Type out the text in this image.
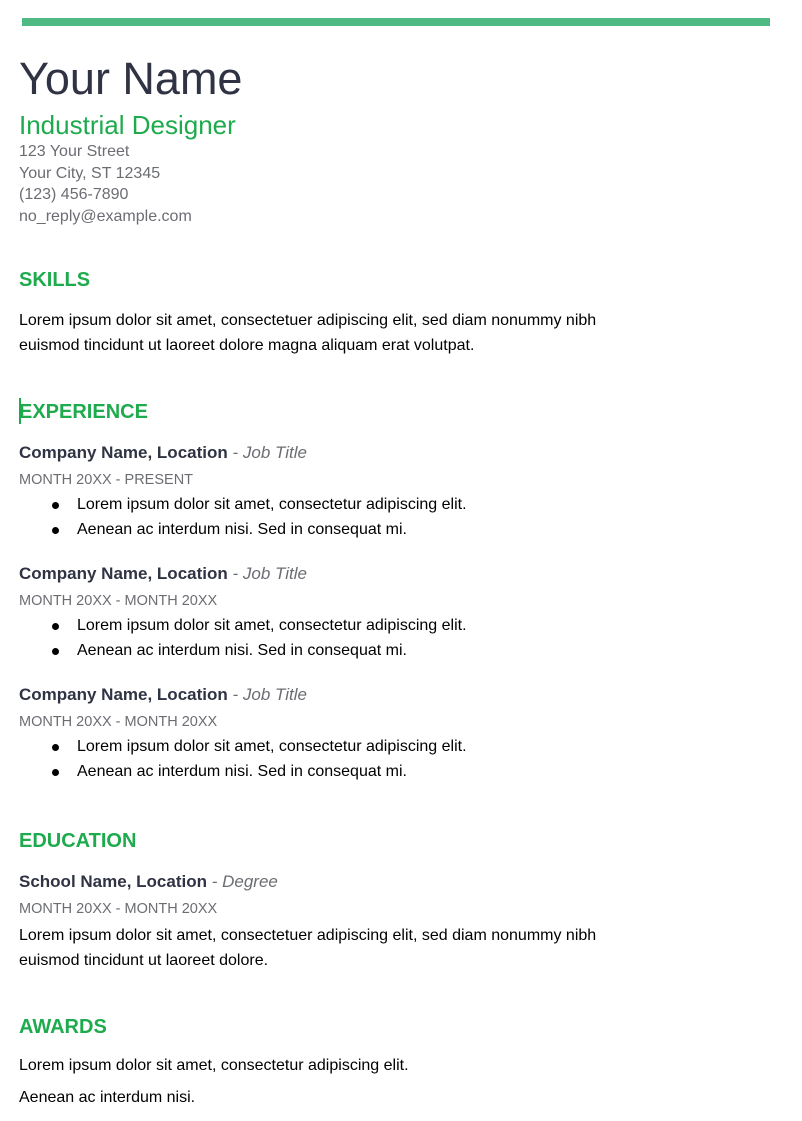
Your Name
Industrial Designer
123 Your Street
Your City, ST 12345
(123) 456-7890
no_reply@example.com
SKILLS
Lorem ipsum dolor sit amet, consectetuer adipiscing elit, sed diam nonummy nibh euismod tincidunt ut laoreet dolore magna aliquam erat volutpat.
EXPERIENCE
Company Name, Location - Job Title
MONTH 20XX - PRESENT
Lorem ipsum dolor sit amet, consectetur adipiscing elit.
Aenean ac interdum nisi. Sed in consequat mi.
Company Name, Location - Job Title
MONTH 20XX - MONTH 20XX
Lorem ipsum dolor sit amet, consectetur adipiscing elit.
Aenean ac interdum nisi. Sed in consequat mi.
Company Name, Location - Job Title
MONTH 20XX - MONTH 20XX
Lorem ipsum dolor sit amet, consectetur adipiscing elit.
Aenean ac interdum nisi. Sed in consequat mi.
EDUCATION
School Name, Location - Degree
MONTH 20XX - MONTH 20XX
Lorem ipsum dolor sit amet, consectetuer adipiscing elit, sed diam nonummy nibh euismod tincidunt ut laoreet dolore.
AWARDS
Lorem ipsum dolor sit amet, consectetur adipiscing elit.
Aenean ac interdum nisi.
